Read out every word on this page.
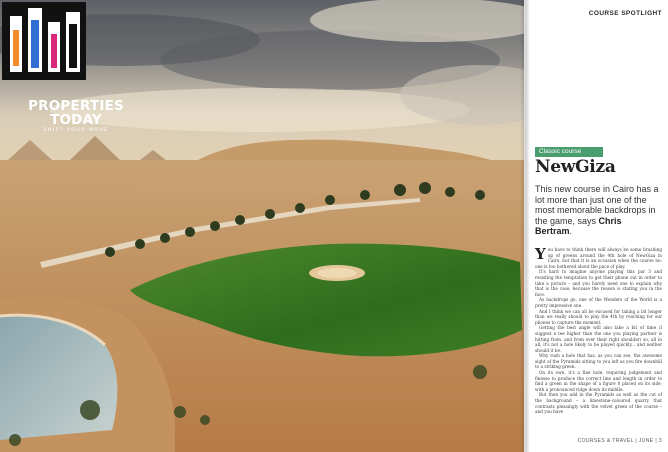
PROPERTIES
TODAY
SHIFT YOUR MOVE
COURSE SPOTLIGHT
Classic course
NewGiza
This new course in Cairo has a lot more than just one of the most memorable backdrops in the game, says Chris Bertram.

You have to think there will always be some brushing up of greens around the 4th hole of NewGiza in Cairo, but that it is an occasion when the course no-one is too bothered about the pace of play.

It's hard to imagine anyone playing this par 3 and resisting the temptation to get their phone out in order to take a picture – and you barely need one to explain why that is the case, because the reason is staring you in the face.

As backdrops go, one of the Wonders of the World is a pretty impressive one.

And I think we can all be excused for taking a bit longer than we really should to play the 4th by reaching for our phones to capture the moment.

Getting the best angle will also take a bit of time (I suggest a tee higher than the one you playing partner is hitting from, and from over their right shoulder) so, all in all, it's not a hole likely to be played quickly... and neither should it be.

Why rush a hole that has, as you can see, the awesome sight of the Pyramids sitting to you left as you fire downhill to a striking green.

On its own, it's a fine hole, requiring judgement and finesse to produce the correct line and length in order to find a green in the shape of a figure 8 placed on its side, with a pronounced ridge down its middle.

But then you add in the Pyramids as well as the cut of the background – a limestone-coloured quarry that contrasts pleasingly with the velvet green of the course – and you have

COURSES & TRAVEL | JUNE | 3
